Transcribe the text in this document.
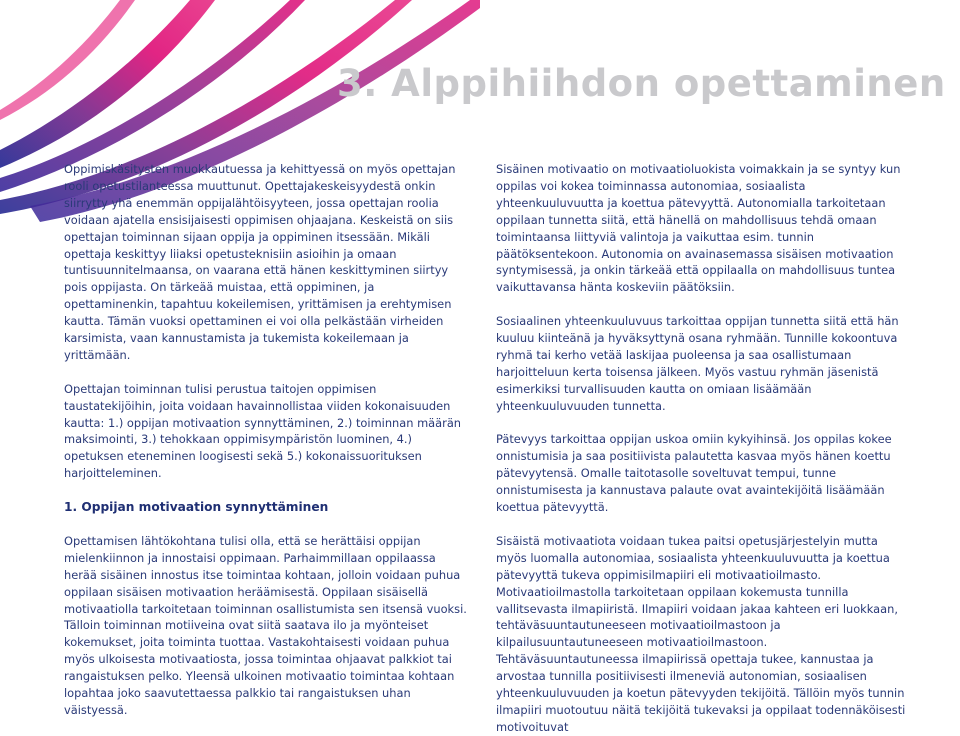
3. Alppihiihdon opettaminen

Oppimiskäsitysten muokkautuessa ja kehittyessä on myös opettajan rooli opetustilanteessa muuttunut. Opettajakeskeisyydestä onkin siirrytty yhä enemmän oppijalähtöisyyteen, jossa opettajan roolia voidaan ajatella ensisijaisesti oppimisen ohjaajana. Keskeistä on siis opettajan toiminnan sijaan oppija ja oppiminen itsessään. Mikäli opettaja keskittyy liiaksi opetusteknisiin asioihin ja omaan tuntisuunnitelmaansa, on vaarana että hänen keskittyminen siirtyy pois oppijasta. On tärkeää muistaa, että oppiminen, ja opettaminenkin, tapahtuu kokeilemisen, yrittämisen ja erehtymisen kautta. Tämän vuoksi opettaminen ei voi olla pelkästään virheiden karsimista, vaan kannustamista ja tukemista kokeilemaan ja yrittämään.

Opettajan toiminnan tulisi perustua taitojen oppimisen taustatekijöihin, joita voidaan havainnollistaa viiden kokonaisuuden kautta: 1.) oppijan motivaation synnyttäminen, 2.) toiminnan määrän maksimointi, 3.) tehokkaan oppimisympäristön luominen, 4.) opetuksen eteneminen loogisesti sekä 5.) kokonaissuorituksen harjoitteleminen.

1. Oppijan motivaation synnyttäminen

Opettamisen lähtökohtana tulisi olla, että se herättäisi oppijan mielenkiinnon ja innostaisi oppimaan. Parhaimmillaan oppilaassa herää sisäinen innostus itse toimintaa kohtaan, jolloin voidaan puhua oppilaan sisäisen motivaation heräämisestä. Oppilaan sisäisellä motivaatiolla tarkoitetaan toiminnan osallistumista sen itsensä vuoksi. Tälloin toiminnan motiiveina ovat siitä saatava ilo ja myönteiset kokemukset, joita toiminta tuottaa. Vastakohtaisesti voidaan puhua myös ulkoisesta motivaatiosta, jossa toimintaa ohjaavat palkkiot tai rangaistuksen pelko. Yleensä ulkoinen motivaatio toimintaa kohtaan lopahtaa joko saavutettaessa palkkio tai rangaistuksen uhan väistyessä.

Sisäinen motivaatio on motivaatioluokista voimakkain ja se syntyy kun oppilas voi kokea toiminnassa autonomiaa, sosiaalista yhteenkuuluvuutta ja koettua pätevyyttä. Autonomialla tarkoitetaan oppilaan tunnetta siitä, että hänellä on mahdollisuus tehdä omaan toimintaansa liittyviä valintoja ja vaikuttaa esim. tunnin päätöksentekoon. Autonomia on avainasemassa sisäisen motivaation syntymisessä, ja onkin tärkeää että oppilaalla on mahdollisuus tuntea vaikuttavansa hänta koskeviin päätöksiin.

Sosiaalinen yhteenkuuluvuus tarkoittaa oppijan tunnetta siitä että hän kuuluu kiinteänä ja hyväksyttynä osana ryhmään. Tunnille kokoontuva ryhmä tai kerho vetää laskijaa puoleensa ja saa osallistumaan harjoitteluun kerta toisensa jälkeen. Myös vastuu ryhmän jäsenistä esimerkiksi turvallisuuden kautta on omiaan lisäämään yhteenkuuluvuuden tunnetta.

Pätevyys tarkoittaa oppijan uskoa omiin kykyihinsä. Jos oppilas kokee onnistumisia ja saa positiivista palautetta kasvaa myös hänen koettu pätevyytensä. Omalle taitotasolle soveltuvat tempui, tunne onnistumisesta ja kannustava palaute ovat avaintekijöitä lisäämään koettua pätevyyttä.

Sisäistä motivaatiota voidaan tukea paitsi opetusjärjestelyin mutta myös luomalla autonomiaa, sosiaalista yhteenkuuluvuutta ja koettua pätevyyttä tukeva oppimisilmapiiri eli motivaatioilmasto. Motivaatioilmastolla tarkoitetaan oppilaan kokemusta tunnilla vallitsevasta ilmapiiristä. Ilmapiiri voidaan jakaa kahteen eri luokkaan, tehtäväsuuntautuneeseen motivaatioilmastoon ja kilpailusuuntautuneeseen motivaatioilmastoon. Tehtäväsuuntautuneessa ilmapiirissä opettaja tukee, kannustaa ja arvostaa tunnilla positiivisesti ilmeneviä autonomian, sosiaalisen yhteenkuuluvuuden ja koetun pätevyyden tekijöitä. Tällöin myös tunnin ilmapiiri muotoutuu näitä tekijöitä tukevaksi ja oppilaat todennäköisesti motivoituvat
